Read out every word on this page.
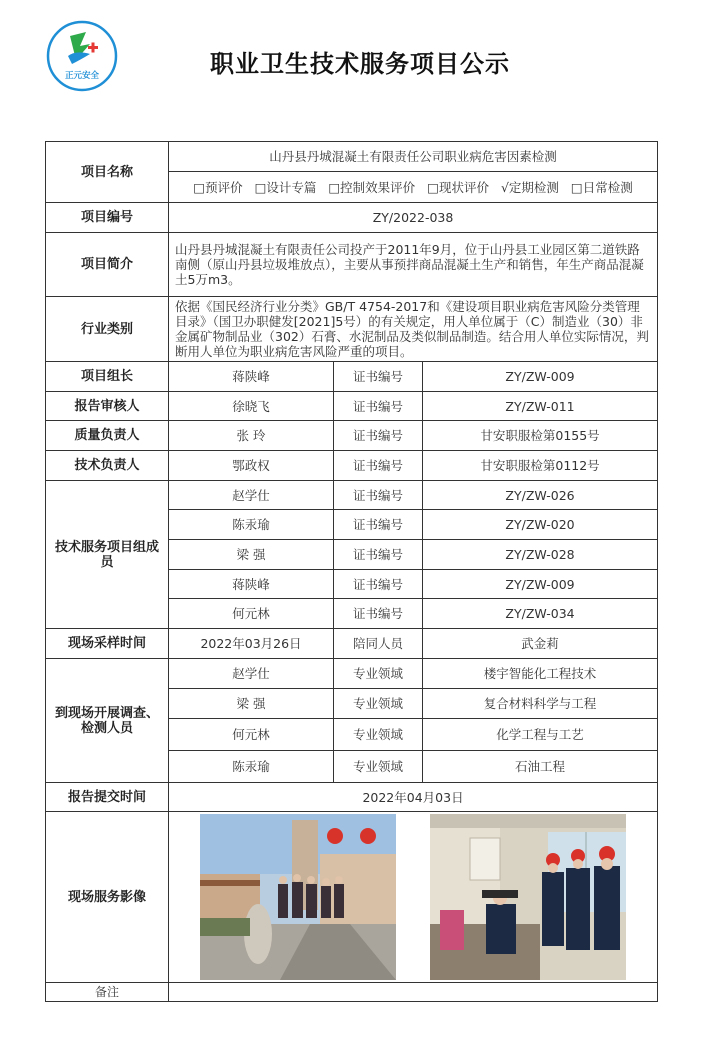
正元安全	职业卫生技术服务项目公示
项目名称	山丹县丹城混凝土有限责任公司职业病危害因素检测		
	□预评价 □设计专篇 □控制效果评价 □现状评价 √定期检测 □日常检测		
项目编号	ZY/2022-038		
项目简介	山丹县丹城混凝土有限责任公司投产于2011年9月，位于山丹县工业园区第二道铁路南侧（原山丹县垃圾堆放点），主要从事预拌商品混凝土生产和销售，年生产商品混凝土5万m3。		
行业类别	依据《国民经济行业分类》GB/T 4754-2017和《建设项目职业病危害风险分类管理目录》（国卫办职健发[2021]5号）的有关规定，用人单位属于（C）制造业（30）非金属矿物制品业（302）石膏、水泥制品及类似制品制造。结合用人单位实际情况，判断用人单位为职业病危害风险严重的项目。		
项目组长	蒋陕峰	证书编号	ZY/ZW-009
报告审核人	徐晓飞	证书编号	ZY/ZW-011
质量负责人	张 玲	证书编号	甘安职服检第0155号
技术负责人	鄂政权	证书编号	甘安职服检第0112号
技术服务项目组成员	赵学仕	证书编号	ZY/ZW-026
	陈汞瑜	证书编号	ZY/ZW-020
	梁 强	证书编号	ZY/ZW-028
	蒋陕峰	证书编号	ZY/ZW-009
	何元林	证书编号	ZY/ZW-034
现场采样时间	2022年03月26日	陪同人员	武金莉
到现场开展调查、检测人员	赵学仕	专业领域	楼宇智能化工程技术
	梁 强	专业领域	复合材料科学与工程
	何元林	专业领域	化学工程与工艺
	陈汞瑜	专业领域	石油工程
报告提交时间	2022年04月03日		
现场服务影像	
备注			
